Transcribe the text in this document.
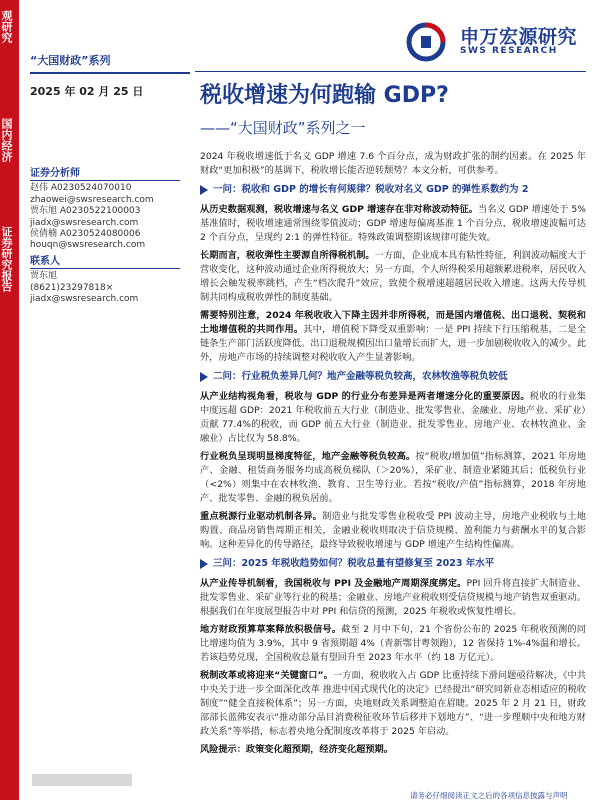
观研究
国内经济
证券研究报告
“大国财政”系列
2025 年 02 月 25 日
申万宏源研究
SWS RESEARCH
税收增速为何跑输 GDP?
——“大国财政”系列之一
证券分析师
赵伟 A0230524070010
zhaowei@swsresearch.com
贾东旭 A0230522100003
jiadx@swsresearch.com
侯倩楠 A0230524080006
houqn@swsresearch.com
联系人
贾东旭
(8621)23297818×
jiadx@swsresearch.com

2024 年税收增速低于名义 GDP 增速 7.6 个百分点，成为财政扩张的制约因素。在 2025 年财政“更加积极”的基调下，税收增长能否逆转颓势？本文分析，可供参考。

一问：税收和 GDP 的增长有何规律？税收对名义 GDP 的弹性系数约为 2

从历史数据观测，税收增速与名义 GDP 增速存在非对称波动特征。当名义 GDP 增速处于 5%基准值时，税收增速通常围绕零值波动；GDP 增速每偏离基准 1 个百分点，税收增速波幅可达 2 个百分点，呈现约 2:1 的弹性特征。特殊政策调整期该规律可能失效。

长期而言，税收弹性主要源自所得税机制。一方面，企业成本具有粘性特征，利润波动幅度大于营收变化，这种波动通过企业所得税放大；另一方面，个人所得税采用超额累进税率，居民收入增长会触发税率跳档，产生“档次爬升”效应，致使个税增速超越居民收入增速。这两大传导机制共同构成税收弹性的制度基础。

需要特别注意，2024 年税收收入下降主因并非所得税，而是国内增值税、出口退税、契税和土地增值税的共同作用。其中，增值税下降受双重影响：一是 PPI 持续下行压缩税基，二是全链条生产部门活跃度降低。出口退税规模因出口量增长而扩大，进一步加剧税收收入的减少。此外，房地产市场的持续调整对税收收入产生显著影响。

二问：行业税负差异几何？地产金融等税负较高，农林牧渔等税负较低

从产业结构视角看，税收与 GDP 的行业分布差异是两者增速分化的重要原因。税收的行业集中度远超 GDP：2021 年税收前五大行业（制造业、批发零售业、金融业、房地产业、采矿业）贡献 77.4%的税收，而 GDP 前五大行业（制造业、批发零售业、房地产业、农林牧渔业、金融业）占比仅为 58.8%。

行业税负呈现明显梯度特征，地产金融等税负较高。按“税收/增加值”指标测算，2021 年房地产、金融、租赁商务服务均成高税负梯队（＞20%），采矿业、制造业紧随其后；低税负行业（<2%）则集中在农林牧渔、教育、卫生等行业。若按“税收/产值”指标测算，2018 年房地产、批发零售、金融的税负居前。

重点税源行业驱动机制各异。制造业与批发零售业税收受 PPI 波动主导，房地产业税收与土地购置、商品房销售周期正相关，金融业税收则取决于信贷规模、盈利能力与薪酬水平的复合影响。这种差异化的传导路径，最终导致税收增速与 GDP 增速产生结构性偏离。

三问：2025 年税收趋势如何？税收总量有望修复至 2023 年水平

从产业传导机制看，我国税收与 PPI 及金融地产周期深度绑定。PPI 回升将直接扩大制造业、批发零售业、采矿业等行业的税基；金融业、房地产业税收则受信贷规模与地产销售双重驱动。根据我们在年度展望报告中对 PPI 和信贷的预测，2025 年税收或恢复性增长。

地方财政预算草案释放积极信号。截至 2 月中下旬，21 个省份公布的 2025 年税收预测的同比增速均值为 3.9%，其中 9 省预期超 4%（青新鄂甘粤领跑），12 省保持 1%-4%温和增长。若该趋势兑现，全国税收总量有望回升至 2023 年水平（约 18 万亿元）。

税制改革或将迎来“关键窗口”。一方面，税收收入占 GDP 比重持续下滑问题亟待解决，《中共中央关于进一步全面深化改革 推进中国式现代化的决定》已经提出“研究同新业态相适应的税收制度”“健全直接税体系”；另一方面，央地财政关系调整迫在眉睫。2025 年 2 月 21 日，财政部部长蓝佛安表示“推动部分品目消费税征收环节后移并下划地方”、“进一步理顺中央和地方财政关系”等举措，标志着央地分配制度改革将于 2025 年启动。

风险提示：政策变化超预期，经济变化超预期。

请务必仔细阅读正文之后的各项信息披露与声明
